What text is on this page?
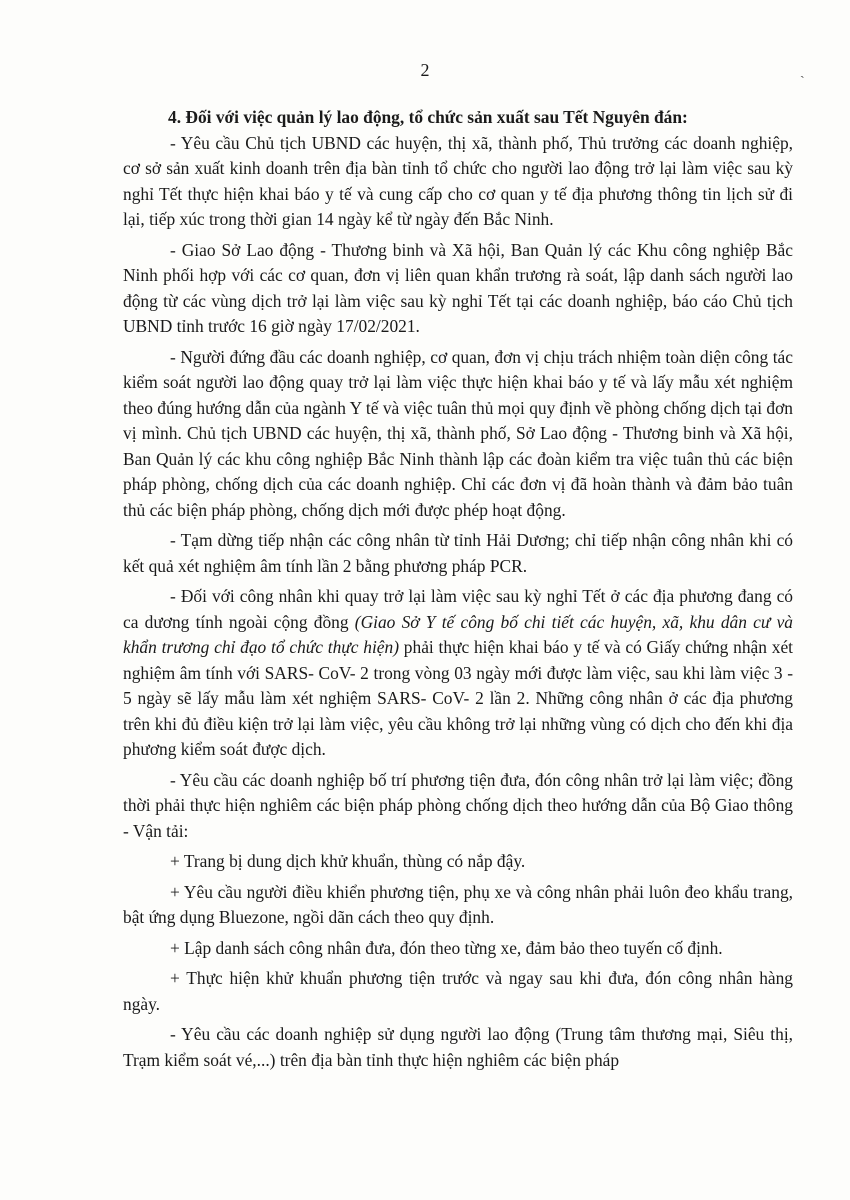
2	ˎ
4. Đối với việc quản lý lao động, tổ chức sản xuất sau Tết Nguyên đán:

- Yêu cầu Chủ tịch UBND các huyện, thị xã, thành phố, Thủ trưởng các doanh nghiệp, cơ sở sản xuất kinh doanh trên địa bàn tỉnh tổ chức cho người lao động trở lại làm việc sau kỳ nghỉ Tết thực hiện khai báo y tế và cung cấp cho cơ quan y tế địa phương thông tin lịch sử đi lại, tiếp xúc trong thời gian 14 ngày kể từ ngày đến Bắc Ninh.

- Giao Sở Lao động - Thương binh và Xã hội, Ban Quản lý các Khu công nghiệp Bắc Ninh phối hợp với các cơ quan, đơn vị liên quan khẩn trương rà soát, lập danh sách người lao động từ các vùng dịch trở lại làm việc sau kỳ nghỉ Tết tại các doanh nghiệp, báo cáo Chủ tịch UBND tỉnh trước 16 giờ ngày 17/02/2021.

- Người đứng đầu các doanh nghiệp, cơ quan, đơn vị chịu trách nhiệm toàn diện công tác kiểm soát người lao động quay trở lại làm việc thực hiện khai báo y tế và lấy mẫu xét nghiệm theo đúng hướng dẫn của ngành Y tế và việc tuân thủ mọi quy định về phòng chống dịch tại đơn vị mình. Chủ tịch UBND các huyện, thị xã, thành phố, Sở Lao động - Thương binh và Xã hội, Ban Quản lý các khu công nghiệp Bắc Ninh thành lập các đoàn kiểm tra việc tuân thủ các biện pháp phòng, chống dịch của các doanh nghiệp. Chỉ các đơn vị đã hoàn thành và đảm bảo tuân thủ các biện pháp phòng, chống dịch mới được phép hoạt động.

- Tạm dừng tiếp nhận các công nhân từ tỉnh Hải Dương; chỉ tiếp nhận công nhân khi có kết quả xét nghiệm âm tính lần 2 bằng phương pháp PCR.

- Đối với công nhân khi quay trở lại làm việc sau kỳ nghỉ Tết ở các địa phương đang có ca dương tính ngoài cộng đồng (Giao Sở Y tế công bố chi tiết các huyện, xã, khu dân cư và khẩn trương chỉ đạo tổ chức thực hiện) phải thực hiện khai báo y tế và có Giấy chứng nhận xét nghiệm âm tính với SARS- CoV- 2 trong vòng 03 ngày mới được làm việc, sau khi làm việc 3 - 5 ngày sẽ lấy mẫu làm xét nghiệm SARS- CoV- 2 lần 2. Những công nhân ở các địa phương trên khi đủ điều kiện trở lại làm việc, yêu cầu không trở lại những vùng có dịch cho đến khi địa phương kiểm soát được dịch.

- Yêu cầu các doanh nghiệp bố trí phương tiện đưa, đón công nhân trở lại làm việc; đồng thời phải thực hiện nghiêm các biện pháp phòng chống dịch theo hướng dẫn của Bộ Giao thông - Vận tải:

+ Trang bị dung dịch khử khuẩn, thùng có nắp đậy.

+ Yêu cầu người điều khiển phương tiện, phụ xe và công nhân phải luôn đeo khẩu trang, bật ứng dụng Bluezone, ngồi dãn cách theo quy định.

+ Lập danh sách công nhân đưa, đón theo từng xe, đảm bảo theo tuyến cố định.

+ Thực hiện khử khuẩn phương tiện trước và ngay sau khi đưa, đón công nhân hàng ngày.

- Yêu cầu các doanh nghiệp sử dụng người lao động (Trung tâm thương mại, Siêu thị, Trạm kiểm soát vé,...) trên địa bàn tỉnh thực hiện nghiêm các biện pháp
